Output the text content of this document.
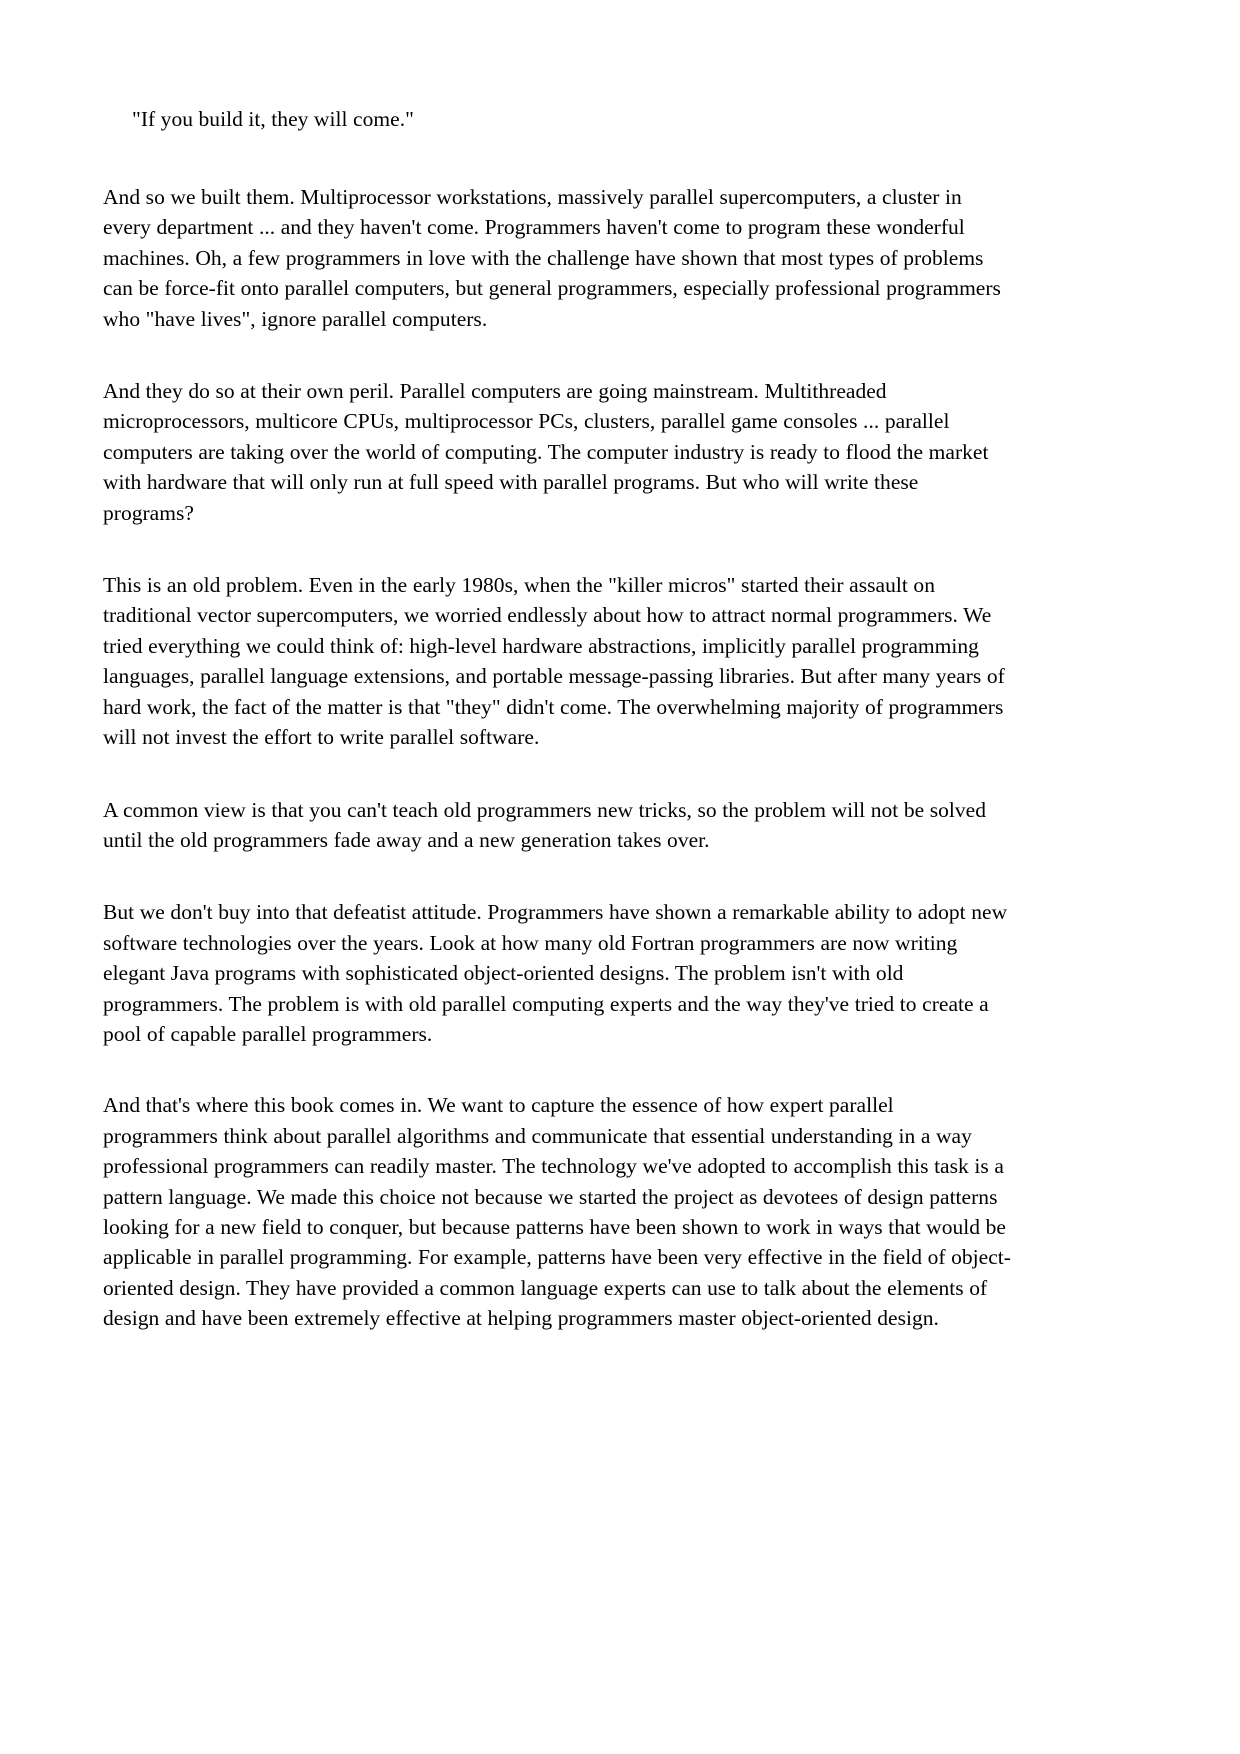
"If you build it, they will come."

And so we built them. Multiprocessor workstations, massively parallel supercomputers, a cluster in every department ... and they haven't come. Programmers haven't come to program these wonderful machines. Oh, a few programmers in love with the challenge have shown that most types of problems can be force-fit onto parallel computers, but general programmers, especially professional programmers who "have lives", ignore parallel computers.

And they do so at their own peril. Parallel computers are going mainstream. Multithreaded microprocessors, multicore CPUs, multiprocessor PCs, clusters, parallel game consoles ... parallel computers are taking over the world of computing. The computer industry is ready to flood the market with hardware that will only run at full speed with parallel programs. But who will write these programs?

This is an old problem. Even in the early 1980s, when the "killer micros" started their assault on traditional vector supercomputers, we worried endlessly about how to attract normal programmers. We tried everything we could think of: high-level hardware abstractions, implicitly parallel programming languages, parallel language extensions, and portable message-passing libraries. But after many years of hard work, the fact of the matter is that "they" didn't come. The overwhelming majority of programmers will not invest the effort to write parallel software.

A common view is that you can't teach old programmers new tricks, so the problem will not be solved until the old programmers fade away and a new generation takes over.

But we don't buy into that defeatist attitude. Programmers have shown a remarkable ability to adopt new software technologies over the years. Look at how many old Fortran programmers are now writing elegant Java programs with sophisticated object-oriented designs. The problem isn't with old programmers. The problem is with old parallel computing experts and the way they've tried to create a pool of capable parallel programmers.

And that's where this book comes in. We want to capture the essence of how expert parallel programmers think about parallel algorithms and communicate that essential understanding in a way professional programmers can readily master. The technology we've adopted to accomplish this task is a pattern language. We made this choice not because we started the project as devotees of design patterns looking for a new field to conquer, but because patterns have been shown to work in ways that would be applicable in parallel programming. For example, patterns have been very effective in the field of object-oriented design. They have provided a common language experts can use to talk about the elements of design and have been extremely effective at helping programmers master object-oriented design.
